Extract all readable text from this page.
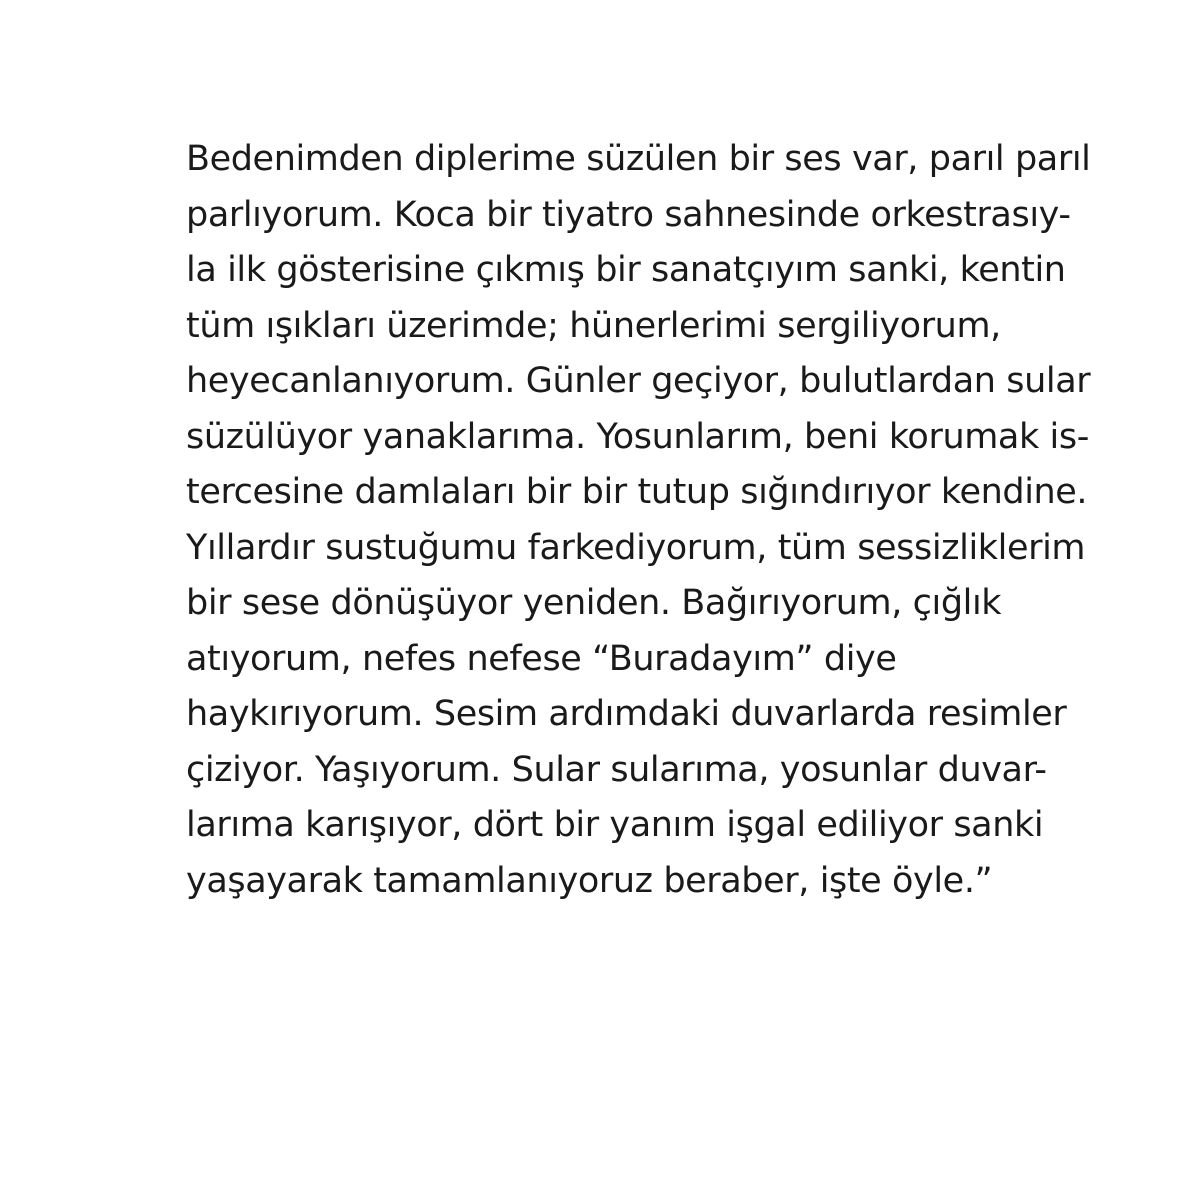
Bedenimden diplerime süzülen bir ses var, parıl parıl
parlıyorum. Koca bir tiyatro sahnesinde orkestrasıy-
la ilk gösterisine çıkmış bir sanatçıyım sanki, kentin
tüm ışıkları üzerimde; hünerlerimi sergiliyorum,
heyecanlanıyorum. Günler geçiyor, bulutlardan sular
süzülüyor yanaklarıma. Yosunlarım, beni korumak is-
tercesine damlaları bir bir tutup sığındırıyor kendine.
Yıllardır sustuğumu farkediyorum, tüm sessizliklerim
bir sese dönüşüyor yeniden. Bağırıyorum, çığlık
atıyorum, nefes nefese “Buradayım” diye
haykırıyorum. Sesim ardımdaki duvarlarda resimler
çiziyor. Yaşıyorum. Sular sularıma, yosunlar duvar-
larıma karışıyor, dört bir yanım işgal ediliyor sanki
yaşayarak tamamlanıyoruz beraber, işte öyle.”
